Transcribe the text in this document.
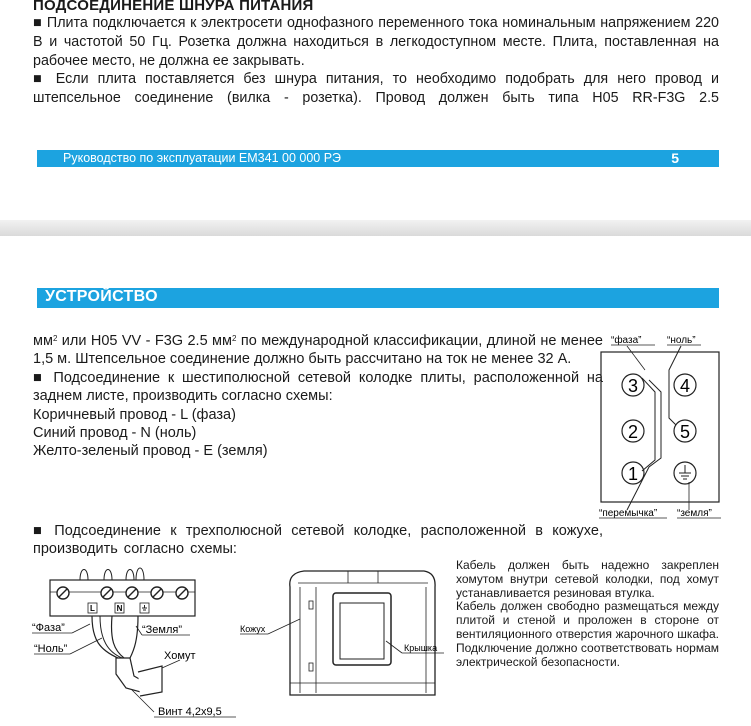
ПОДСОЕДИНЕНИЕ ШНУРА ПИТАНИЯ

■ Плита подключается к электросети однофазного переменного тока номинальным напряжением 220 В и частотой 50 Гц. Розетка должна находиться в легкодоступном месте. Плита, поставленная на рабочее место, не должна ее закрывать.

■ Если плита поставляется без шнура питания, то необходимо подобрать для него провод и штепсельное соединение (вилка - розетка). Провод должен быть типа Н05 RR-F3G 2.5

Руководство по эксплуатации ЕМ341 00 000 РЭ	5
УСТРОЙСТВО

$мм^2$ или Н05 VV - F3G 2.5 $мм^2$ по международной классификации, длиной не менее 1,5 м. Штепсельное соединение должно быть рассчитано на ток не менее 32 А.

■ Подсоединение к шестиполюсной сетевой колодке плиты, расположенной на заднем листе, производить согласно схемы:

Коричневый провод - L (фаза)

Синий провод - N (ноль)

Желто-зеленый провод - Е (земля)

■ Подсоединение к трехполюсной сетевой колодке, расположенной в кожухе, производить согласно схемы:
“фаза”	“ноль”
3 4
2 5
1
“перемычка” “земля”
L	N
“Фаза”	“Земля”
“Ноль”
Хомут
Винт 4,2х9,5
Кожух
Крышка

Кабель должен быть надежно закреплен хомутом внутри сетевой колодки, под хомут устанавливается резиновая втулка.

Кабель должен свободно размещаться между плитой и стеной и проложен в стороне от вентиляционного отверстия жарочного шкафа. Подключение должно соответствовать нормам электрической безопасности.
